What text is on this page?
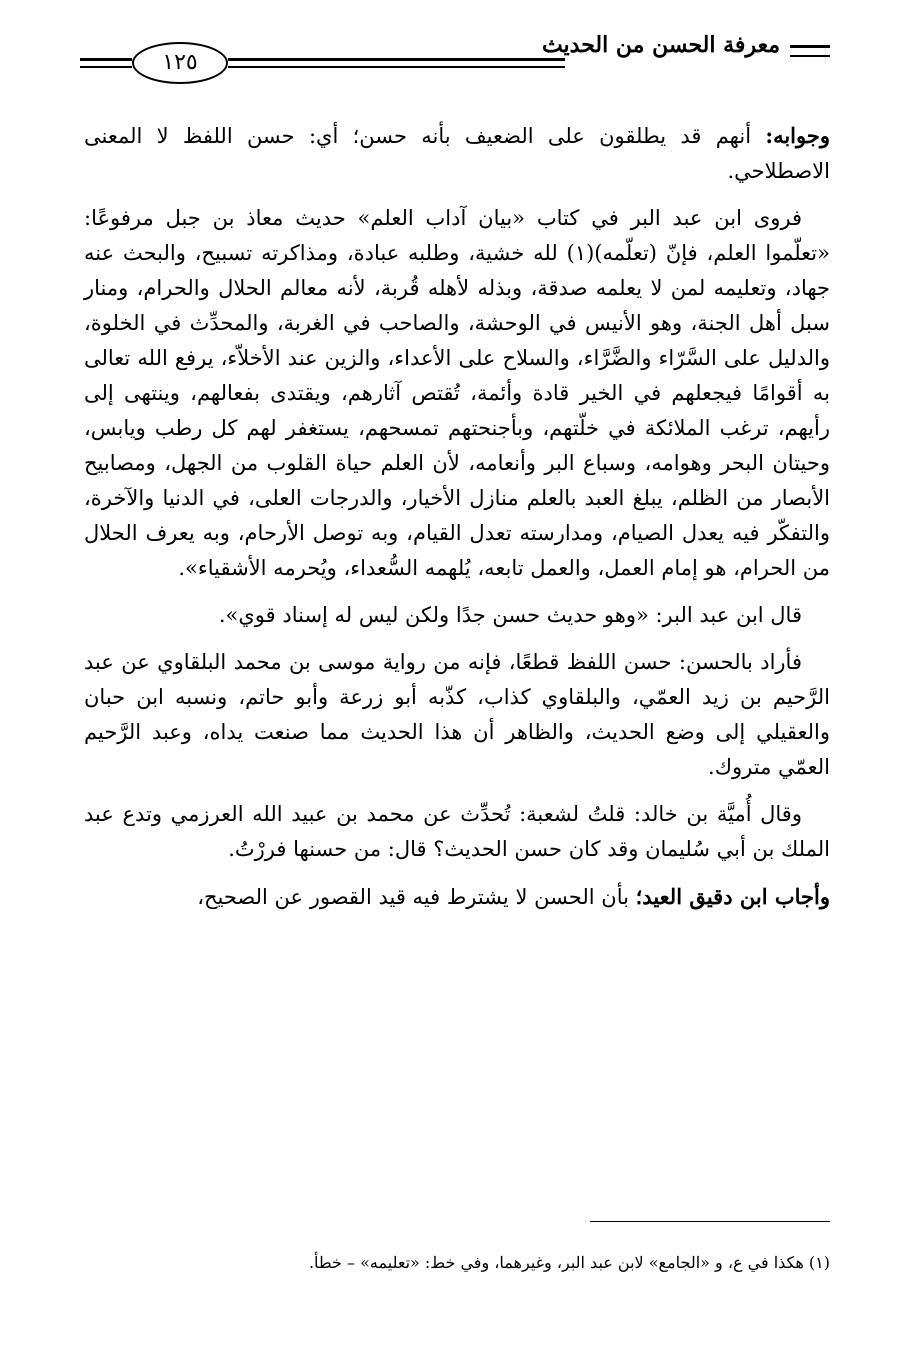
معرفة الحسن من الحديث
١٢٥

وجوابه: أنهم قد يطلقون على الضعيف بأنه حسن؛ أي: حسن اللفظ لا المعنى الاصطلاحي.

فروى ابن عبد البر في كتاب «بيان آداب العلم» حديث معاذ بن جبل مرفوعًا: «تعلّموا العلم، فإنّ (تعلّمه)(١) لله خشية، وطلبه عبادة، ومذاكرته تسبيح، والبحث عنه جهاد، وتعليمه لمن لا يعلمه صدقة، وبذله لأهله قُربة، لأنه معالم الحلال والحرام، ومنار سبل أهل الجنة، وهو الأنيس في الوحشة، والصاحب في الغربة، والمحدِّث في الخلوة، والدليل على السَّرّاء والضَّرَّاء، والسلاح على الأعداء، والزين عند الأخلاّء، يرفع الله تعالى به أقوامًا فيجعلهم في الخير قادة وأئمة، تُقتص آثارهم، ويقتدى بفعالهم، وينتهى إلى رأيهم، ترغب الملائكة في خلّتهم، وبأجنحتهم تمسحهم، يستغفر لهم كل رطب ويابس، وحيتان البحر وهوامه، وسباع البر وأنعامه، لأن العلم حياة القلوب من الجهل، ومصابيح الأبصار من الظلم، يبلغ العبد بالعلم منازل الأخيار، والدرجات العلى، في الدنيا والآخرة، والتفكّر فيه يعدل الصيام، ومدارسته تعدل القيام، وبه توصل الأرحام، وبه يعرف الحلال من الحرام، هو إمام العمل، والعمل تابعه، يُلهمه السُّعداء، ويُحرمه الأشقياء».

قال ابن عبد البر: «وهو حديث حسن جدًا ولكن ليس له إسناد قوي».

فأراد بالحسن: حسن اللفظ قطعًا، فإنه من رواية موسى بن محمد البلقاوي عن عبد الرَّحيم بن زيد العمّي، والبلقاوي كذاب، كذّبه أبو زرعة وأبو حاتم، ونسبه ابن حبان والعقيلي إلى وضع الحديث، والظاهر أن هذا الحديث مما صنعت يداه، وعبد الرَّحيم العمّي متروك.

وقال أُميَّة بن خالد: قلتُ لشعبة: تُحدِّث عن محمد بن عبيد الله العرزمي وتدع عبد الملك بن أبي سُليمان وقد كان حسن الحديث؟ قال: من حسنها فررْتُ.

وأجاب ابن دقيق العيد؛ بأن الحسن لا يشترط فيه قيد القصور عن الصحيح،

(١) هكذا في ع، و «الجامع» لابن عبد البر، وغيرهما، وفي خط: «تعليمه» – خطأ.
